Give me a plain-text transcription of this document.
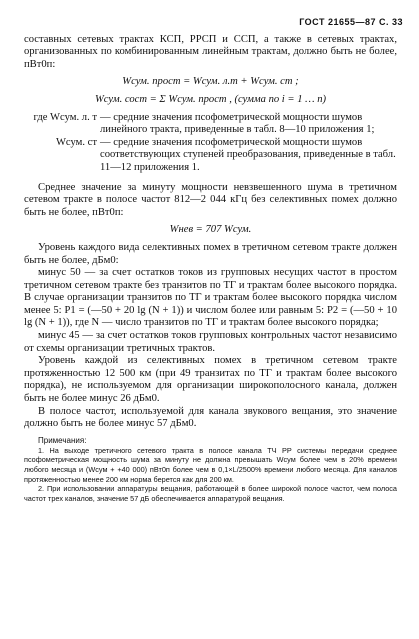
ГОСТ 21655—87 С. 33

составных сетевых трактах КСП, РРСП и ССП, а также в сетевых трактах, организованных по комбинированным линейным трактам, должно быть не более, пВт0п:

Wсум. прост = Wсум. л.т + Wсум. ст ;
Wсум. сост = Σ Wсум. прост , (сумма по i = 1 … n)
где Wсум. л. т — средние значения псофометрической мощности шумов линейного тракта, приведенные в табл. 8—10 приложения 1;
Wсум. ст — средние значения псофометрической мощности шумов соответствующих ступеней преобразования, приведенные в табл. 11—12 приложения 1.

Среднее значение за минуту мощности невзвешенного шума в третичном сетевом тракте в полосе частот 812—2 044 кГц без селективных помех должно быть не более, пВт0п:

Wнев = 707 Wсум.

Уровень каждого вида селективных помех в третичном сетевом тракте должен быть не более, дБм0:

минус 50 — за счет остатков токов из групповых несущих частот в простом третичном сетевом тракте без транзитов по ТГ и трактам более высокого порядка. В случае организации транзитов по ТГ и трактам более высокого порядка числом менее 5: P1 = (—50 + 20 lg (N + 1)) и числом более или равным 5: P2 = (—50 + 10 lg (N + 1)), где N — число транзитов по ТГ и трактам более высокого порядка;

минус 45 — за счет остатков токов групповых контрольных частот независимо от схемы организации третичных трактов.

Уровень каждой из селективных помех в третичном сетевом тракте протяженностью 12 500 км (при 49 транзитах по ТГ и трактам более высокого порядка), не используемом для организации широкополосного канала, должен быть не более минус 26 дБм0.

В полосе частот, используемой для канала звукового вещания, это значение должно быть не более минус 57 дБм0.

Примечания:

1. На выходе третичного сетевого тракта в полосе канала ТЧ РР системы передачи среднее псофометрическая мощность шума за минуту не должна превышать Wсум более чем в 20% времени любого месяца и (Wсум + +40 000) пВт0п более чем в 0,1×L/2500% времени любого месяца. Для каналов протяженностью менее 200 км норма берется как для 200 км.

2. При использовании аппаратуры вещания, работающей в более широкой полосе частот, чем полоса частот трех каналов, значение 57 дБ обеспечивается аппаратурой вещания.
